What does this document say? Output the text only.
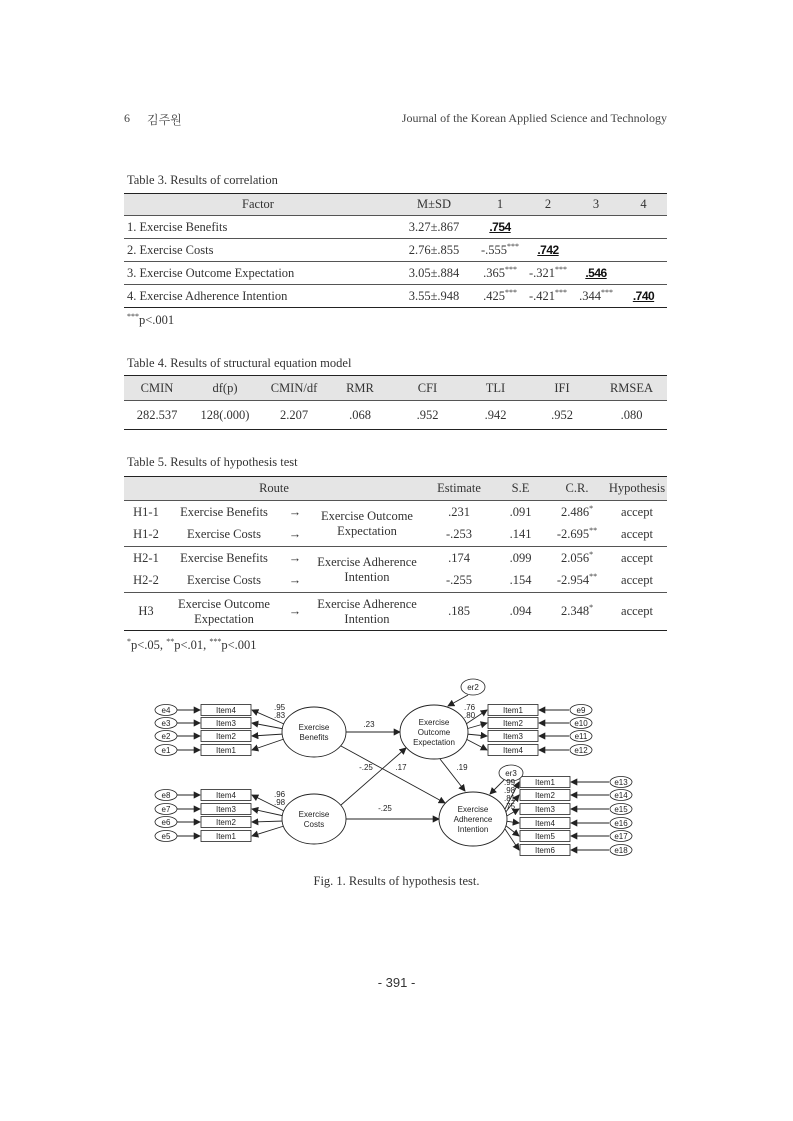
6 김주원	Journal of the Korean Applied Science and Technology
Table 3. Results of correlation
Factor	M±SD	1	2	3	4
1. Exercise Benefits	3.27±.867	.754			
2. Exercise Costs	2.76±.855	-.555***	.742		
3. Exercise Outcome Expectation	3.05±.884	.365***	-.321***	.546	
4. Exercise Adherence Intention	3.55±.948	.425***	-.421***	.344***	.740
***p<.001
Table 4. Results of structural equation model
CMIN	df(p)	CMIN/df	RMR	CFI	TLI	IFI	RMSEA
282.537	128(.000)	2.207	.068	.952	.942	.952	.080
Table 5. Results of hypothesis test
Route				Estimate	S.E	C.R.	Hypothesis
H1-1	Exercise Benefits	→	Exercise Outcome Expectation	.231	.091	2.486*	accept
H1-2	Exercise Costs	→		-.253	.141	-2.695**	accept
H2-1	Exercise Benefits	→	Exercise Adherence Intention	.174	.099	2.056*	accept
H2-2	Exercise Costs	→		-.255	.154	-2.954**	accept
H3	Exercise Outcome Expectation	→	Exercise Adherence Intention	.185	.094	2.348*	accept
*p<.05, **p<.01, ***p<.001
Item4
e4
Item3
e3
Item2
e2
Item1
e1
.95
.83
Item4
e8
Item3
e7
Item2
e6
Item1
e5
.96
.98
Item1	e9
Item2	e10
Item3	e11
Item4	e12
.76
.80
Item1	e13
Item2	e14
Item3	e15
Item4	e16
Item5	e17
Item6	e18
.99
.98
.81
.75
.23
-.25	.17	.19
-.25
er2
er3
Exercise
Benefits
Exercise
Costs
Exercise
Outcome
Expectation
Exercise
Adherence
Intention
Fig. 1. Results of hypothesis test.
- 391 -
